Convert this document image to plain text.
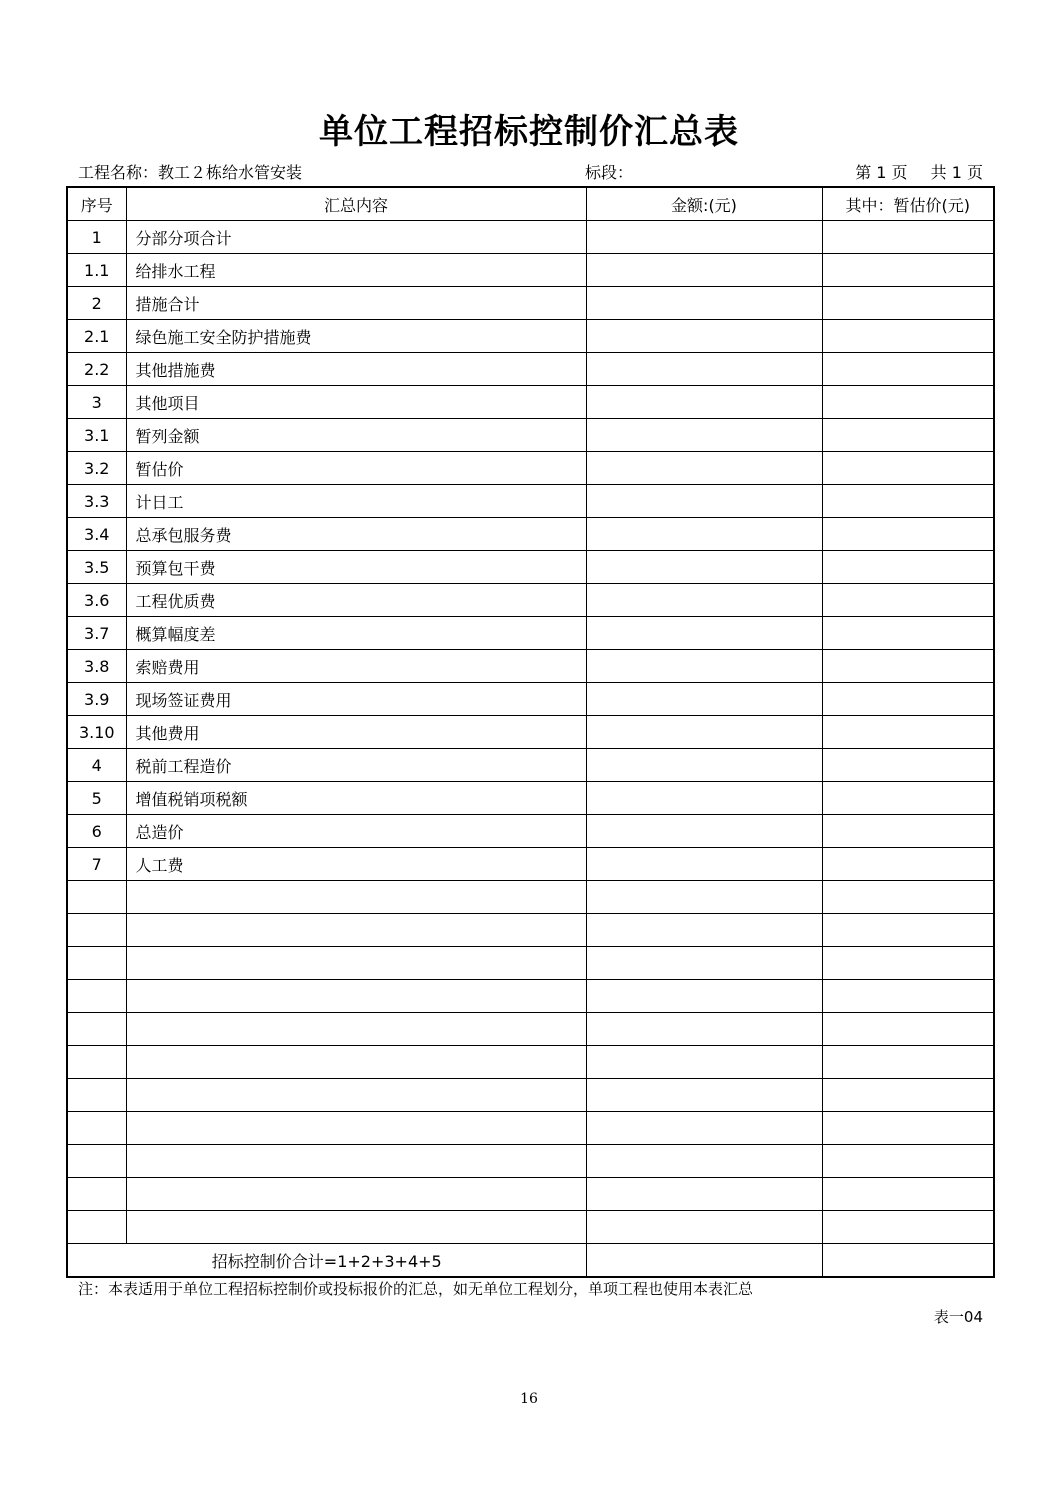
单位工程招标控制价汇总表
工程名称：教工２栋给水管安装	标段：	第 1 页 共 1 页
序号	汇总内容	金额:(元)	其中：暂估价(元)
1	分部分项合计		
1.1	给排水工程		
2	措施合计		
2.1	绿色施工安全防护措施费		
2.2	其他措施费		
3	其他项目		
3.1	暂列金额		
3.2	暂估价		
3.3	计日工		
3.4	总承包服务费		
3.5	预算包干费		
3.6	工程优质费		
3.7	概算幅度差		
3.8	索赔费用		
3.9	现场签证费用		
3.10	其他费用		
4	税前工程造价		
5	增值税销项税额		
6	总造价		
7	人工费		

招标控制价合计=1+2+3+4+5			
注：本表适用于单位工程招标控制价或投标报价的汇总，如无单位工程划分，单项工程也使用本表汇总
表一04
16
